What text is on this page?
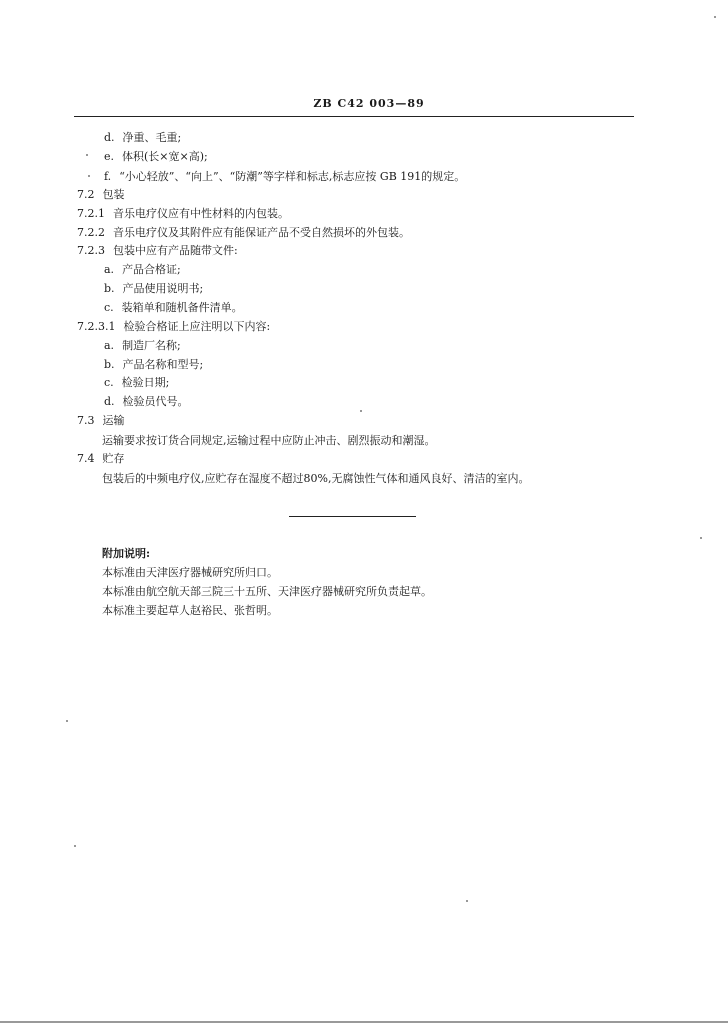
ZB C42 003—89
d. 净重、毛重;
e. 体积(长×宽×高);
f. “小心轻放”、“向上”、“防潮”等字样和标志,标志应按 GB 191的规定。
7.2 包装
7.2.1 音乐电疗仪应有中性材料的内包装。
7.2.2 音乐电疗仪及其附件应有能保证产品不受自然损坏的外包装。
7.2.3 包装中应有产品随带文件:
a. 产品合格证;
b. 产品使用说明书;
c. 装箱单和随机备件清单。
7.2.3.1 检验合格证上应注明以下内容:
a. 制造厂名称;
b. 产品名称和型号;
c. 检验日期;
d. 检验员代号。
7.3 运输
运输要求按订货合同规定,运输过程中应防止冲击、剧烈振动和潮湿。
7.4 贮存
包装后的中频电疗仪,应贮存在湿度不超过80%,无腐蚀性气体和通风良好、清洁的室内。
附加说明:
本标准由天津医疗器械研究所归口。
本标准由航空航天部三院三十五所、天津医疗器械研究所负责起草。
本标准主要起草人赵裕民、张哲明。
